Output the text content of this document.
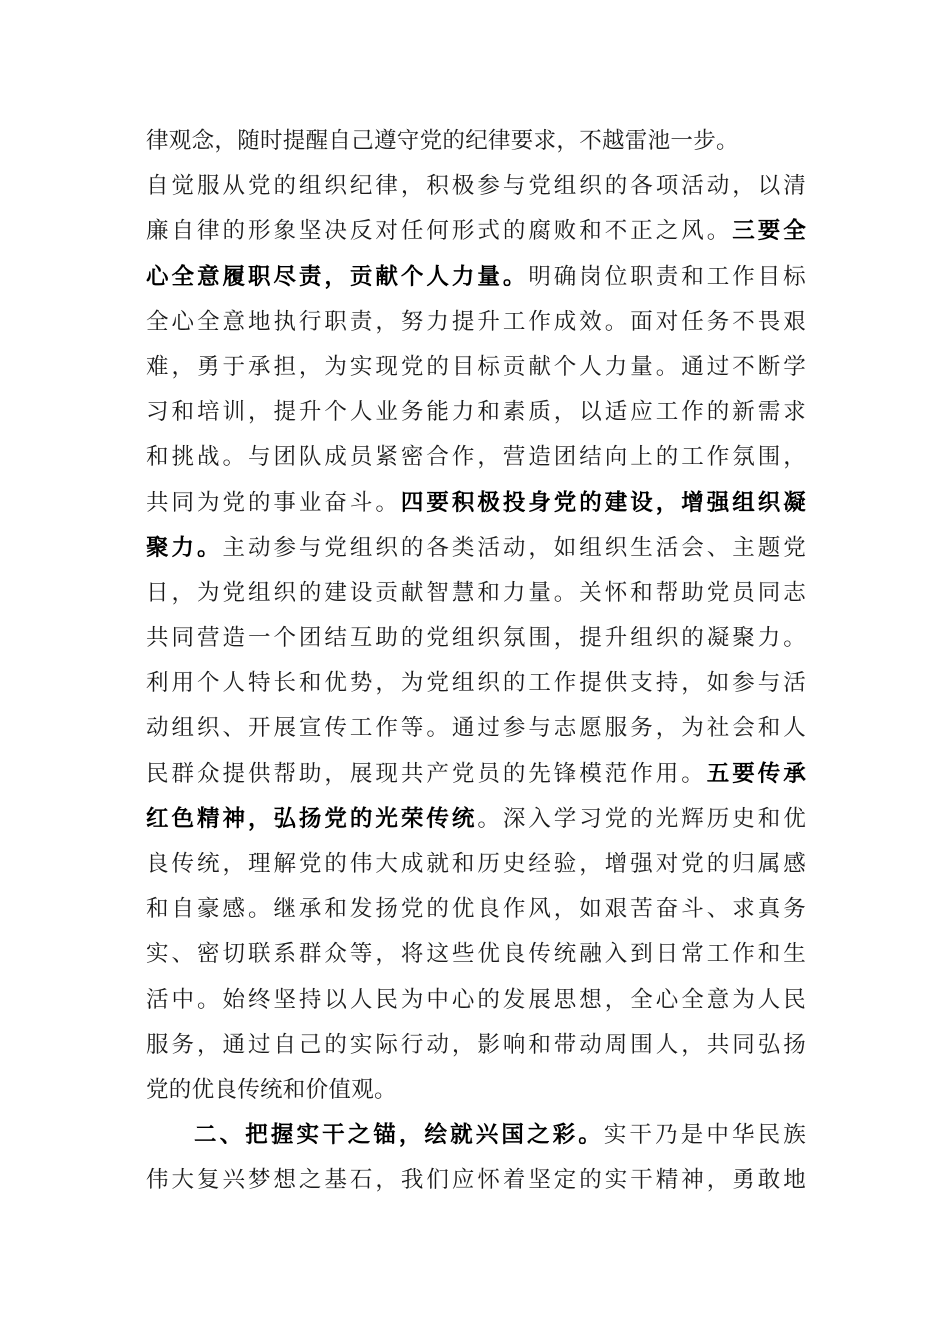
律观念，随时提醒自己遵守党的纪律要求，不越雷池一步。
自觉服从党的组织纪律，积极参与党组织的各项活动，以清
廉自律的形象坚决反对任何形式的腐败和不正之风。三要全
心全意履职尽责，贡献个人力量。明确岗位职责和工作目标
全心全意地执行职责，努力提升工作成效。面对任务不畏艰
难，勇于承担，为实现党的目标贡献个人力量。通过不断学
习和培训，提升个人业务能力和素质，以适应工作的新需求
和挑战。与团队成员紧密合作，营造团结向上的工作氛围，
共同为党的事业奋斗。四要积极投身党的建设，增强组织凝
聚力。主动参与党组织的各类活动，如组织生活会、主题党
日，为党组织的建设贡献智慧和力量。关怀和帮助党员同志
共同营造一个团结互助的党组织氛围，提升组织的凝聚力。
利用个人特长和优势，为党组织的工作提供支持，如参与活
动组织、开展宣传工作等。通过参与志愿服务，为社会和人
民群众提供帮助，展现共产党员的先锋模范作用。五要传承
红色精神，弘扬党的光荣传统。深入学习党的光辉历史和优
良传统，理解党的伟大成就和历史经验，增强对党的归属感
和自豪感。继承和发扬党的优良作风，如艰苦奋斗、求真务
实、密切联系群众等，将这些优良传统融入到日常工作和生
活中。始终坚持以人民为中心的发展思想，全心全意为人民
服务，通过自己的实际行动，影响和带动周围人，共同弘扬
党的优良传统和价值观。
二、把握实干之锚，绘就兴国之彩。实干乃是中华民族
伟大复兴梦想之基石，我们应怀着坚定的实干精神，勇敢地
